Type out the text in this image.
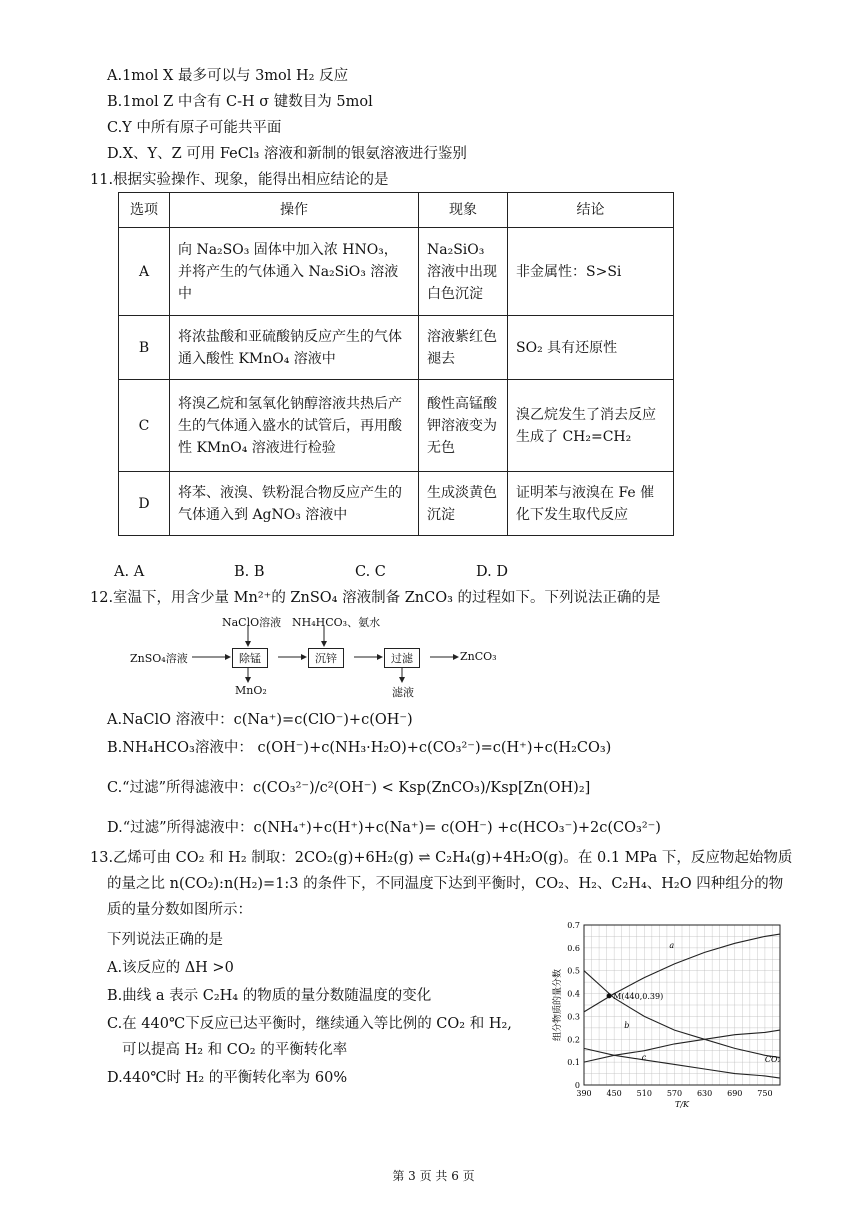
A.1mol X 最多可以与 3mol H₂ 反应
B.1mol Z 中含有 C-H σ 键数目为 5mol
C.Y 中所有原子可能共平面
D.X、Y、Z 可用 FeCl₃ 溶液和新制的银氨溶液进行鉴别
11.根据实验操作、现象，能得出相应结论的是
选项	操作	现象	结论
A	向 Na₂SO₃ 固体中加入浓 HNO₃，并将产生的气体通入 Na₂SiO₃ 溶液中	Na₂SiO₃ 溶液中出现白色沉淀	非金属性：S>Si
B	将浓盐酸和亚硫酸钠反应产生的气体通入酸性 KMnO₄ 溶液中	溶液紫红色褪去	SO₂ 具有还原性
C	将溴乙烷和氢氧化钠醇溶液共热后产生的气体通入盛水的试管后，再用酸性 KMnO₄ 溶液进行检验	酸性高锰酸钾溶液变为无色	溴乙烷发生了消去反应生成了 CH₂=CH₂
D	将苯、液溴、铁粉混合物反应产生的气体通入到 AgNO₃ 溶液中	生成淡黄色沉淀	证明苯与液溴在 Fe 催化下发生取代反应
A. A	B. B	C. C	D. D
12.室温下，用含少量 Mn²⁺的 ZnSO₄ 溶液制备 ZnCO₃ 的过程如下。下列说法正确的是
NaClO溶液 NH₄HCO₃、氨水
ZnSO₄溶液	除锰	沉锌	过滤	ZnCO₃
MnO₂	滤液
A.NaClO 溶液中：c(Na⁺)=c(ClO⁻)+c(OH⁻)
B.NH₄HCO₃溶液中： c(OH⁻)+c(NH₃·H₂O)+c(CO₃²⁻)=c(H⁺)+c(H₂CO₃)
C.“过滤”所得滤液中：c(CO₃²⁻)/c²(OH⁻) < Ksp(ZnCO₃)/Ksp[Zn(OH)₂]
D.“过滤”所得滤液中：c(NH₄⁺)+c(H⁺)+c(Na⁺)= c(OH⁻) +c(HCO₃⁻)+2c(CO₃²⁻)
13.乙烯可由 CO₂ 和 H₂ 制取：2CO₂(g)+6H₂(g) ⇌ C₂H₄(g)+4H₂O(g)。在 0.1 MPa 下，反应物起始物质
的量之比 n(CO₂):n(H₂)=1:3 的条件下，不同温度下达到平衡时，CO₂、H₂、C₂H₄、H₂O 四种组分的物
质的量分数如图所示：
下列说法正确的是
A.该反应的 ΔH >0
B.曲线 a 表示 C₂H₄ 的物质的量分数随温度的变化
C.在 440℃下反应已达平衡时，继续通入等比例的 CO₂ 和 H₂,
可以提高 H₂ 和 CO₂ 的平衡转化率
D.440℃时 H₂ 的平衡转化率为 60%	0
0.1
0.2
0.3
0.4
0.5
0.6
0.7
390 450 510 570 630 690 750
T/K
组分物质的量分数
a
b
c	CO₂
M(440,0.39)
第 3 页 共 6 页
